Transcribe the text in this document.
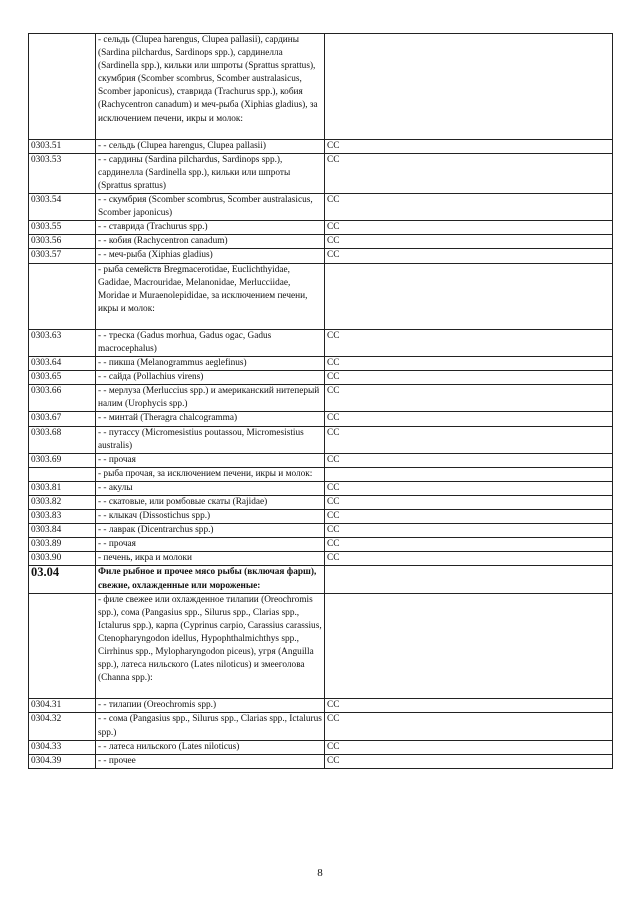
	- сельдь (Clupea harengus, Clupea pallasii), сардины (Sardina pilchardus, Sardinops spp.), сардинелла (Sardinella spp.), кильки или шпроты (Sprattus sprattus), скумбрия (Scomber scombrus, Scomber australasicus, Scomber japonicus), ставрида (Trachurus spp.), кобия (Rachycentron canadum) и меч-рыба (Xiphias gladius), за исключением печени, икры и молок:	
0303.51	- - сельдь (Clupea harengus, Clupea pallasii)	CC
0303.53	- - сардины (Sardina pilchardus, Sardinops spp.), сардинелла (Sardinella spp.), кильки или шпроты (Sprattus sprattus)	CC
0303.54	- - скумбрия (Scomber scombrus, Scomber australasicus, Scomber japonicus)	CC
0303.55	- - ставрида (Trachurus spp.)	CC
0303.56	- - кобия (Rachycentron canadum)	CC
0303.57	- - меч-рыба (Xiphias gladius)	CC
	- рыба семейств Bregmacerotidae, Euclichthyidae, Gadidae, Macrouridae, Melanonidae, Merlucciidae, Moridae и Muraenolepididae, за исключением печени, икры и молок:	
0303.63	- - треска (Gadus morhua, Gadus ogac, Gadus macrocephalus)	CC
0303.64	- - пикша (Melanogrammus aeglefinus)	CC
0303.65	- - сайда (Pollachius virens)	CC
0303.66	- - мерлуза (Merluccius spp.) и американский нитеперый налим (Urophycis spp.)	CC
0303.67	- - минтай (Theragra chalcogramma)	CC
0303.68	- - путассу (Micromesistius poutassou, Micromesistius australis)	CC
0303.69	- - прочая	CC
	- рыба прочая, за исключением печени, икры и молок:	
0303.81	- - акулы	CC
0303.82	- - скатовые, или ромбовые скаты (Rajidae)	CC
0303.83	- - клыкач (Dissostichus spp.)	CC
0303.84	- - лаврак (Dicentrarchus spp.)	CC
0303.89	- - прочая	CC
0303.90	- печень, икра и молоки	CC
03.04	Филе рыбное и прочее мясо рыбы (включая фарш), свежие, охлажденные или мороженые:	
	- филе свежее или охлажденное тилапии (Oreochromis spp.), сома (Pangasius spp., Silurus spp., Clarias spp., Ictalurus spp.), карпа (Cyprinus carpio, Carassius carassius, Ctenopharyngodon idellus, Hypophthalmichthys spp., Cirrhinus spp., Mylopharyngodon piceus), угря (Anguilla spp.), латеса нильского (Lates niloticus) и змееголова (Channa spp.):	
0304.31	- - тилапии (Oreochromis spp.)	CC
0304.32	- - сома (Pangasius spp., Silurus spp., Clarias spp., Ictalurus spp.)	CC
0304.33	- - латеса нильского (Lates niloticus)	CC
0304.39	- - прочее	CC
8
